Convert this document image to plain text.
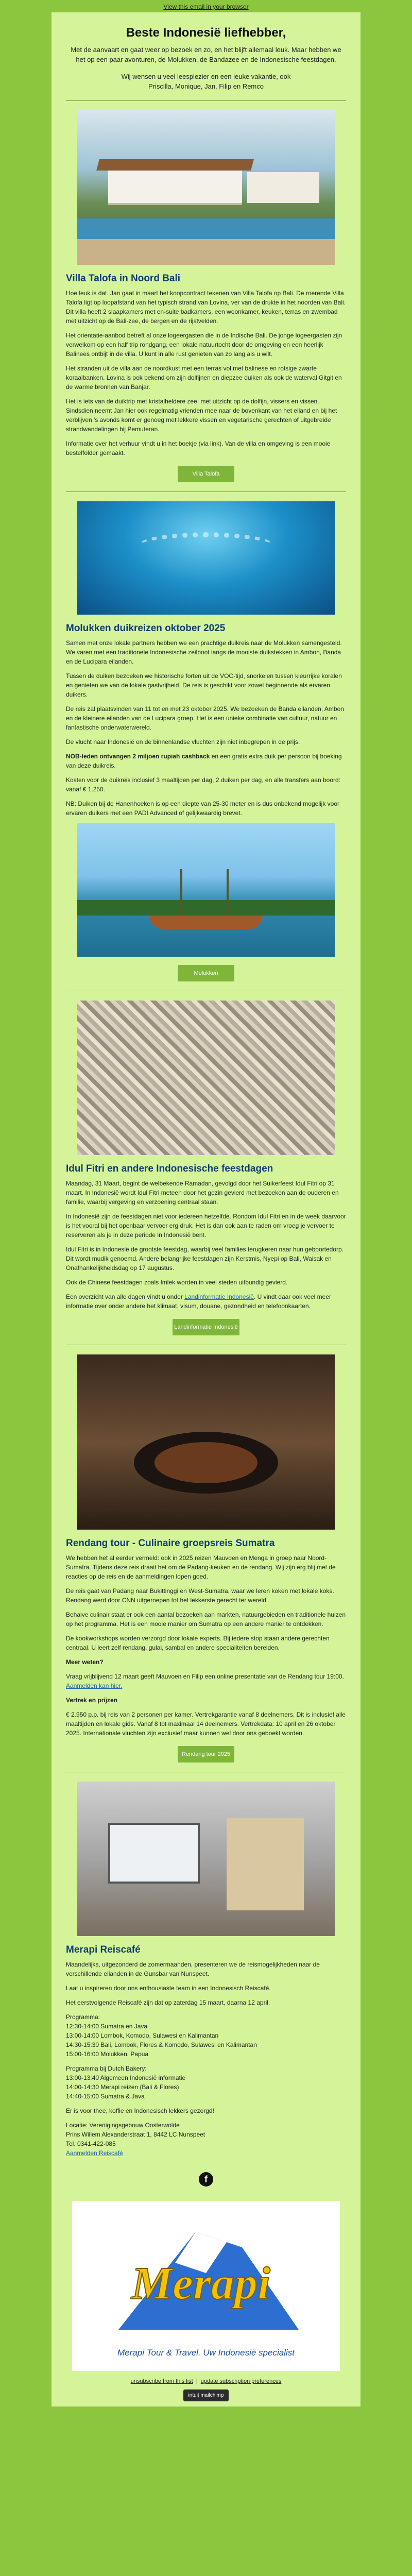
View this email in your browser
Beste Indonesië liefhebber,

Met de aanvaart en gaat weer op bezoek en zo, en het blijft allemaal leuk. Maar hebben we het op een paar avonturen, de Molukken, de Bandazee en de Indonesische feestdagen.

Wij wensen u veel leesplezier en een leuke vakantie, ook
Priscilla, Monique, Jan, Filip en Remco

Villa Talofa in Noord Bali

Hoe leuk is dat. Jan gaat in maart het koopcontract tekenen van Villa Talofa op Bali. De roerende Villa Talofa ligt op loopafstand van het typisch strand van Lovina, ver van de drukte in het noorden van Bali. Dit villa heeft 2 slaapkamers met en-suite badkamers, een woonkamer, keuken, terras en zwembad met uitzicht op de Bali-zee, de bergen en de rijstvelden.

Het orientatie-aanbod betreft al onze logeergasten die in de Indische Bali. De jonge logeergasten zijn verwelkom op een half trip rondgang, een lokale natuurtocht door de omgeving en een heerlijk Balinees ontbijt in de villa. U kunt in alle rust genieten van zo lang als u wilt.

Het stranden uit de villa aan de noordkust met een terras vol met balinese en rotsige zwarte koraalbanken. Lovina is ook bekend om zijn dolfijnen en diepzee duiken als ook de waterval Gitgit en de warme bronnen van Banjar.

Het is iets van de duiktrip met kristalheldere zee, met uitzicht op de dolfijn, vissers en vissen. Sindsdien neemt Jan hier ook regelmatig vrienden mee naar de bovenkant van het eiland en bij het verblijven 's avonds komt er genoeg met lekkere vissen en vegetarische gerechten of uitgebreide strandwandelingen bij Pemuteran.

Informatie over het verhuur vindt u in het boekje (via link). Van de villa en omgeving is een mooie bestelfolder gemaakt.

Villa Talofa
Molukken duikreizen oktober 2025

Samen met onze lokale partners hebben we een prachtige duikreis naar de Molukken samengesteld. We varen met een traditionele Indonesische zeilboot langs de mooiste duikstekken in Ambon, Banda en de Lucipara eilanden.

Tussen de duiken bezoeken we historische forten uit de VOC-tijd, snorkelen tussen kleurrijke koralen en genieten we van de lokale gastvrijheid. De reis is geschikt voor zowel beginnende als ervaren duikers.

De reis zal plaatsvinden van 11 tot en met 23 oktober 2025. We bezoeken de Banda eilanden, Ambon en de kleinere eilanden van de Lucipara groep. Het is een unieke combinatie van cultuur, natuur en fantastische onderwaterwereld.

De vlucht naar Indonesië en de binnenlandse vluchten zijn niet inbegrepen in de prijs.

NOB-leden ontvangen 2 miljoen rupiah cashback en een gratis extra duik per persoon bij boeking van deze duikreis.

Kosten voor de duikreis inclusief 3 maaltijden per dag, 2 duiken per dag, en alle transfers aan boord: vanaf € 1.250.

NB: Duiken bij de Hanenhoeken is op een diepte van 25-30 meter en is dus onbekend mogelijk voor ervaren duikers met een PADI Advanced of gelijkwaardig brevet.

Molukken
Idul Fitri en andere Indonesische feestdagen

Maandag, 31 Maart, begint de welbekende Ramadan, gevolgd door het Suikerfeest Idul Fitri op 31 maart. In Indonesië wordt Idul Fitri meteen door het gezin gevierd met bezoeken aan de ouderen en familie, waarbij vergeving en verzoening centraal staan.

In Indonesië zijn de feestdagen niet voor iedereen hetzelfde. Rondom Idul Fitri en in de week daarvoor is het vooral bij het openbaar vervoer erg druk. Het is dan ook aan te raden om vroeg je vervoer te reserveren als je in deze periode in Indonesië bent.

Idul Fitri is in Indonesië de grootste feestdag, waarbij veel families terugkeren naar hun geboortedorp. Dit wordt mudik genoemd. Andere belangrijke feestdagen zijn Kerstmis, Nyepi op Bali, Waisak en Onafhankelijkheidsdag op 17 augustus.

Ook de Chinese feestdagen zoals Imlek worden in veel steden uitbundig gevierd.

Een overzicht van alle dagen vindt u onder Landinformatie Indonesië. U vindt daar ook veel meer informatie over onder andere het klimaat, visum, douane, gezondheid en telefoonkaarten.

Landinformatie Indonesië
Rendang tour - Culinaire groepsreis Sumatra

We hebben het al eerder vermeld: ook in 2025 reizen Mauvoen en Menga in groep naar Noord-Sumatra. Tijdens deze reis draait het om de Padang-keuken en de rendang. Wij zijn erg blij met de reacties op de reis en de aanmeldingen lopen goed.

De reis gaat van Padang naar Bukittinggi en West-Sumatra, waar we leren koken met lokale koks. Rendang werd door CNN uitgeroepen tot het lekkerste gerecht ter wereld.

Behalve culinair staat er ook een aantal bezoeken aan markten, natuurgebieden en traditionele huizen op het programma. Het is een mooie manier om Sumatra op een andere manier te ontdekken.

De kookworkshops worden verzorgd door lokale experts. Bij iedere stop staan andere gerechten centraal. U leert zelf rendang, gulai, sambal en andere specialiteiten bereiden.

Meer weten?

Vraag vrijblijvend 12 maart geeft Mauvoen en Filip een online presentatie van de Rendang tour 19:00. Aanmelden kan hier.

Vertrek en prijzen

€ 2.950 p.p. bij reis van 2 personen per kamer. Vertrekgarantie vanaf 8 deelnemers. Dit is inclusief alle maaltijden en lokale gids. Vanaf 8 tot maximaal 14 deelnemers. Vertrekdata: 10 april en 26 oktober 2025. Internationale vluchten zijn exclusief maar kunnen wel door ons geboekt worden.

Rendang tour 2025
Merapi Reiscafé

Maandelijks, uitgezonderd de zomermaanden, presenteren we de reismogelijkheden naar de verschillende eilanden in de Gunsbar van Nunspeet.

Laat u inspireren door ons enthousiaste team in een Indonesisch Reiscafé.

Het eerstvolgende Reiscafé zijn dat op zaterdag 15 maart, daarna 12 april.

Programma:
12:30-14:00 Sumatra en Java
13:00-14:00 Lombok, Komodo, Sulawesi en Kalimantan
14:30-15:30 Bali, Lombok, Flores & Komodo, Sulawesi en Kalimantan
15:00-16:00 Molukken, Papua
Programma bij Dutch Bakery:
13:00-13:40 Algemeen Indonesië informatie
14:00-14:30 Merapi reizen (Bali & Flores)
14:40-15:00 Sumatra & Java

Er is voor thee, koffie en Indonesisch lekkers gezorgd!

Locatie: Verenigingsgebouw Oosterwolde
Prins Willem Alexanderstraat 1, 8442 LC Nunspeet
Tel. 0341-422-085
Aanmelden Reiscafé
f
Merapi
Merapi Tour & Travel. Uw Indonesië specialist
unsubscribe from this list  |  update subscription preferences
intuit mailchimp
